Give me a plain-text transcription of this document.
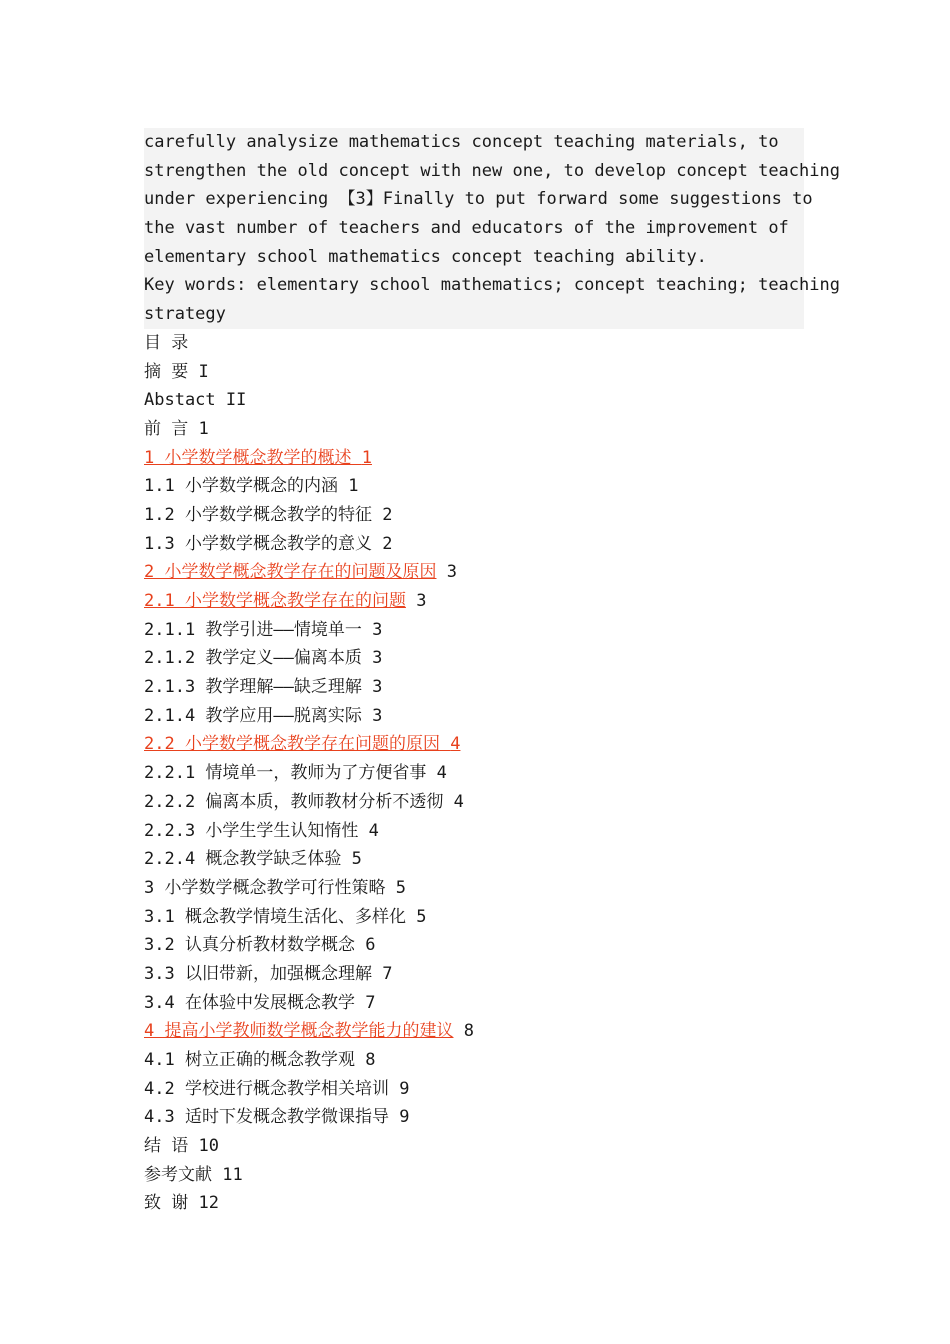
carefully analysize mathematics concept teaching materials, to
strengthen the old concept with new one, to develop concept teaching
under experiencing 【3】Finally to put forward some suggestions to
the vast number of teachers and educators of the improvement of
elementary school mathematics concept teaching ability.
Key words: elementary school mathematics; concept teaching; teaching
strategy
目 录
摘 要 I
Abstact II
前 言 1
1 小学数学概念教学的概述 1
1.1 小学数学概念的内涵 1
1.2 小学数学概念教学的特征 2
1.3 小学数学概念教学的意义 2
2 小学数学概念教学存在的问题及原因 3
2.1 小学数学概念教学存在的问题 3
2.1.1 教学引进——情境单一 3
2.1.2 教学定义——偏离本质 3
2.1.3 教学理解——缺乏理解 3
2.1.4 教学应用——脱离实际 3
2.2 小学数学概念教学存在问题的原因 4
2.2.1 情境单一，教师为了方便省事 4
2.2.2 偏离本质，教师教材分析不透彻 4
2.2.3 小学生学生认知惰性 4
2.2.4 概念教学缺乏体验 5
3 小学数学概念教学可行性策略 5
3.1 概念教学情境生活化、多样化 5
3.2 认真分析教材数学概念 6
3.3 以旧带新，加强概念理解 7
3.4 在体验中发展概念教学 7
4 提高小学教师数学概念教学能力的建议 8
4.1 树立正确的概念教学观 8
4.2 学校进行概念教学相关培训 9
4.3 适时下发概念教学微课指导 9
结 语 10
参考文献 11
致 谢 12
